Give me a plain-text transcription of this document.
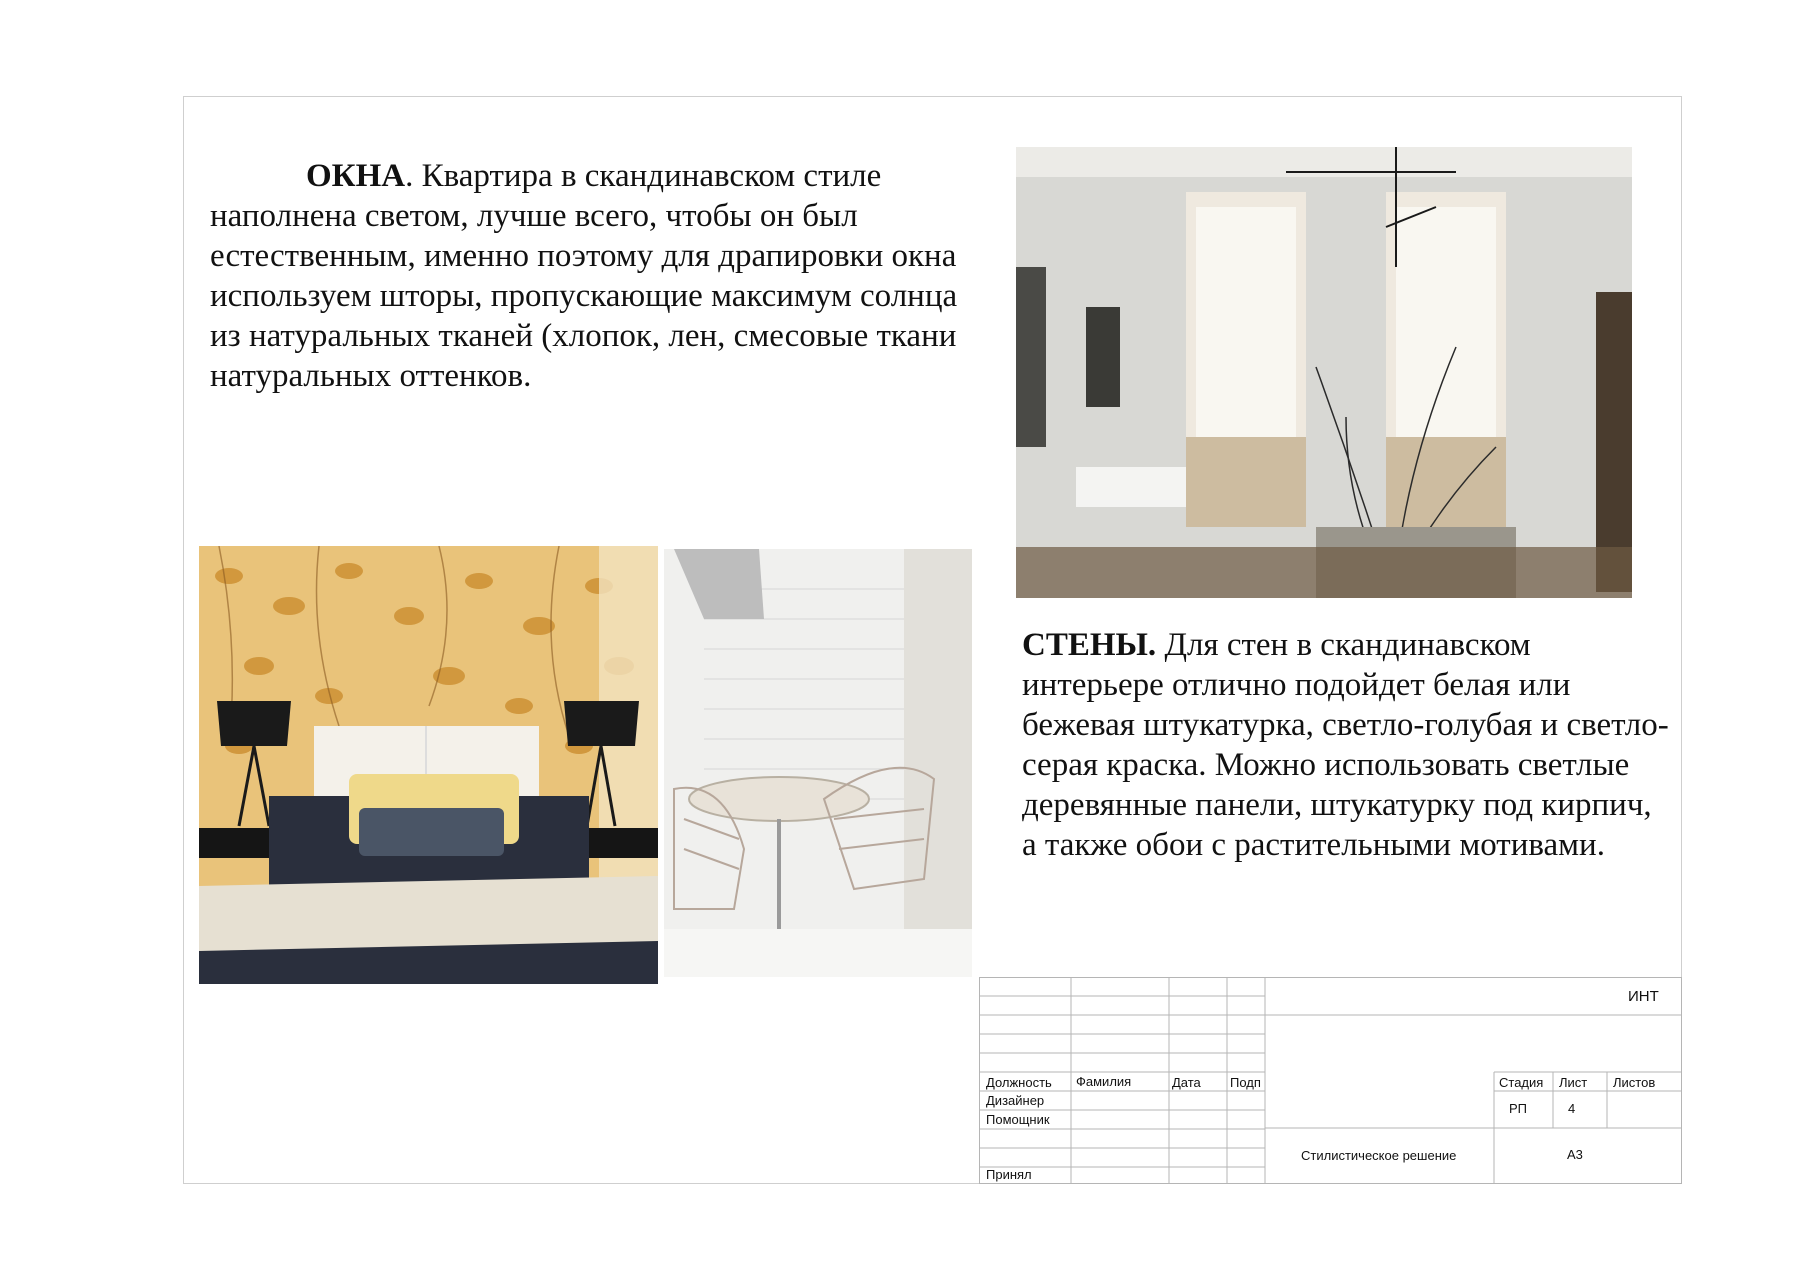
ОКНА. Квартира в скандинавском стиле наполнена светом, лучше всего, чтобы он был естественным, именно поэтому для драпировки окна используем шторы, пропускающие максимум солнца из натуральных тканей (хлопок, лен, смесовые ткани натуральных оттенков.

СТЕНЫ. Для стен в скандинавском интерьере отлично подойдет белая или бежевая штукатурка, светло-голубая и светло-серая краска. Можно использовать светлые деревянные панели, штукатурку под кирпич, а также обои с растительными мотивами.

ИНТ
Должность Фамилия	Дата Подп
Дизайнер
Помощник
Принял
Стадия Лист Листов
РП	4
Стилистическое решение	А3
